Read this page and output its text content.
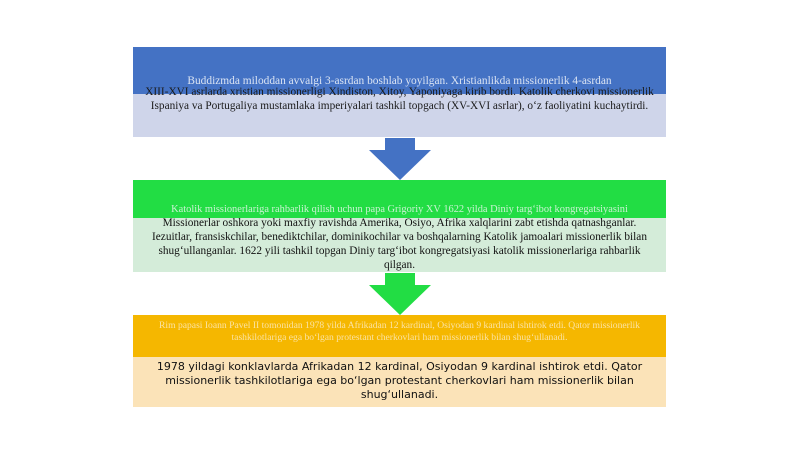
Buddizmda miloddan avvalgi 3-asrdan boshlab yoyilgan. Xristianlikda missionerlik 4-asrdan
XIII-XVI asrlarda xristian missionerligi Xindiston, Xitoy, Yaponiyaga kirib bordi. Katolik cherkovi missionerlik Ispaniya va Portugaliya mustamlaka imperiyalari tashkil topgach (XV-XVI asrlar), o‘z faoliyatini kuchaytirdi.
Katolik missionerlariga rahbarlik qilish uchun papa Grigoriy XV 1622 yilda Diniy targ‘ibot kongregatsiyasini
Missionerlar oshkora yoki maxfiy ravishda Amerika, Osiyo, Afrika xalqlarini zabt etishda qatnashganlar. Iezuitlar, fransiskchilar, benediktchilar, dominikochilar va boshqalarning Katolik jamoalari missionerlik bilan shug‘ullanganlar. 1622 yili tashkil topgan Diniy targ‘ibot kongregatsiyasi katolik missionerlariga rahbarlik qilgan.
Rim papasi Ioann Pavel II tomonidan 1978 yilda Afrikadan 12 kardinal, Osiyodan 9 kardinal ishtirok etdi. Qator missionerlik tashkilotlariga ega bo‘lgan protestant cherkovlari ham missionerlik bilan shug‘ullanadi.
1978 yildagi konklavlarda Afrikadan 12 kardinal, Osiyodan 9 kardinal ishtirok etdi. Qator missionerlik tashkilotlariga ega bo‘lgan protestant cherkovlari ham missionerlik bilan shug‘ullanadi.
